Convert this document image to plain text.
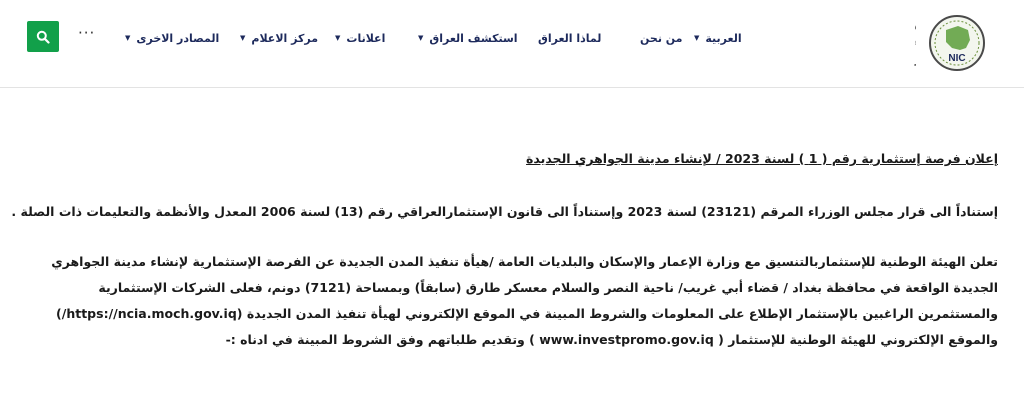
···	▼ المصادر الاخرى	▼ مركز الاعلام ▼ اعلانات	▼ استكشف العراق لماذا العراق	من نحن ▼ العربية
NIC
إعلان فرصة إستثمارية رقم ( 1 ) لسنة 2023 / لإنشاء مدينة الجواهري الجديدة
إستناداً الى قرار مجلس الوزراء المرقم (23121) لسنة 2023 وإستناداً الى قانون الإستثمارالعراقي رقم (13) لسنة 2006 المعدل والأنظمة والتعليمات ذات الصلة .
تعلن الهيئة الوطنية للإستثماربالتنسيق مع وزارة الإعمار والإسكان والبلديات العامة /هيأة تنفيذ المدن الجديدة عن الفرصة الإستثمارية لإنشاء مدينة الجواهري الجديدة الواقعة في محافظة بغداد / قضاء أبي غريب/ ناحية النصر والسلام معسكر طارق (سابقاً) وبمساحة (7121) دونم، فعلى الشركات الإستثمارية والمستثمرين الراغبين بالإستثمار الإطلاع على المعلومات والشروط المبينة في الموقع الإلكتروني لهيأة تنفيذ المدن الجديدة (https://ncia.moch.gov.iq/) والموقع الإلكتروني للهيئة الوطنية للإستثمار ( www.investpromo.gov.iq ) وتقديم طلباتهم وفق الشروط المبينة في ادناه :-
